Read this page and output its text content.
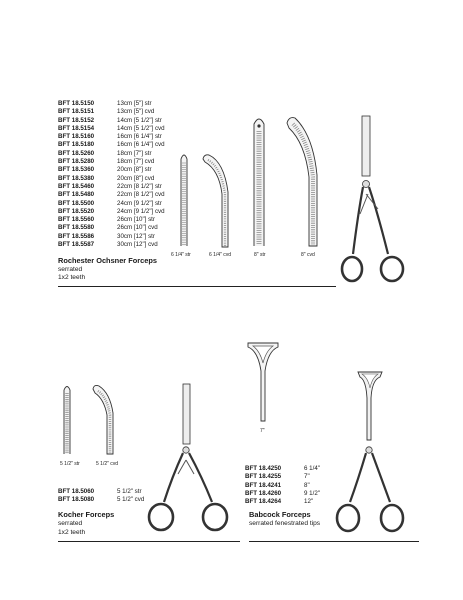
BFT 18.5150	13cm [5"] str
BFT 18.5151	13cm [5"] cvd
BFT 18.5152	14cm [5 1/2"] str
BFT 18.5154	14cm [5 1/2"] cvd
BFT 18.5160	16cm [6 1/4"] str
BFT 18.5180	16cm [6 1/4"] cvd
BFT 18.5260	18cm [7"] str
BFT 18.5280	18cm [7"] cvd
BFT 18.5360	20cm [8"] str
BFT 18.5380	20cm [8"] cvd
BFT 18.5460	22cm [8 1/2"] str
BFT 18.5480	22cm [8 1/2"] cvd
BFT 18.5500	24cm [9 1/2"] str
BFT 18.5520	24cm [9 1/2"] cvd
BFT 18.5560	26cm [10"] str
BFT 18.5580	26cm [10"] cvd
BFT 18.5586	30cm [12"] str
BFT 18.5587	30cm [12"] cvd
6 1/4" str	6 1/4" cvd	8" str	8" cvd
Rochester Ochsner Forceps
serrated
1x2 teeth
5 1/2" str	5 1/2" cvd
BFT 18.5060	5 1/2" str
BFT 18.5080	5 1/2" cvd
Kocher Forceps
serrated
1x2 teeth
7"
BFT 18.4250	6 1/4"
BFT 18.4255	7"
BFT 18.4241	8"
BFT 18.4260	9 1/2"
BFT 18.4264	12"
Babcock Forceps
serrated fenestrated tips
